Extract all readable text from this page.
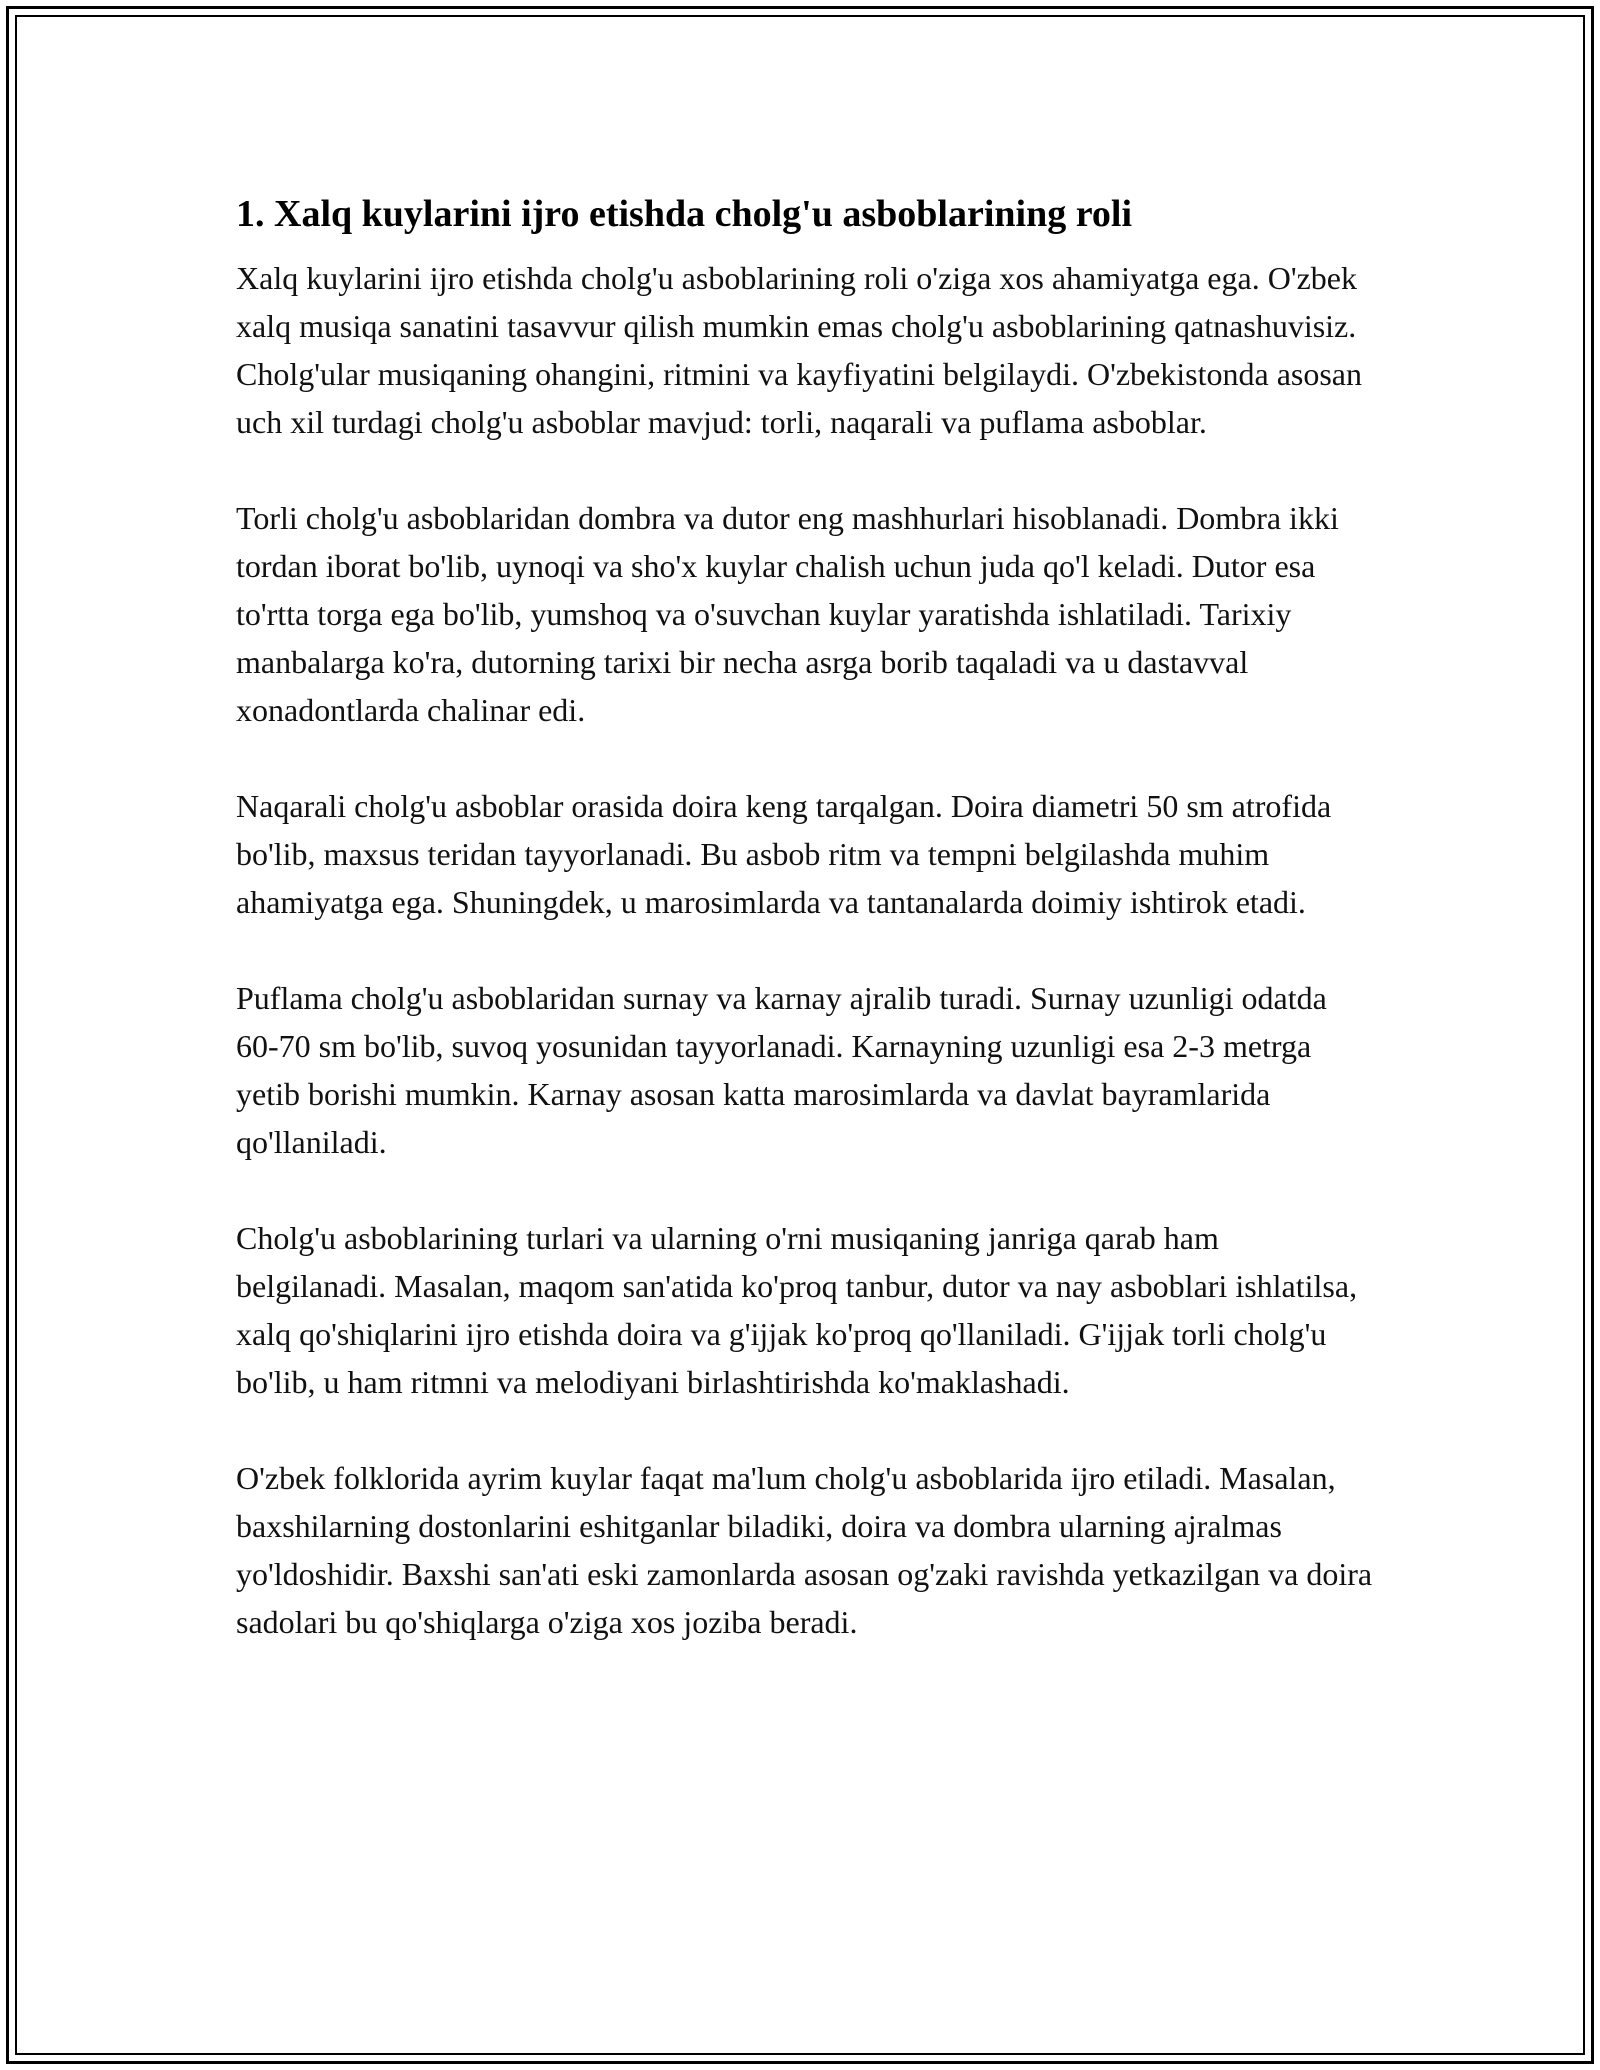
1. Xalq kuylarini ijro etishda cholg'u asboblarining roli

Xalq kuylarini ijro etishda cholg'u asboblarining roli o'ziga xos ahamiyatga ega. O'zbek xalq musiqa sanatini tasavvur qilish mumkin emas cholg'u asboblarining qatnashuvisiz. Cholg'ular musiqaning ohangini, ritmini va kayfiyatini belgilaydi. O'zbekistonda asosan uch xil turdagi cholg'u asboblar mavjud: torli, naqarali va puflama asboblar.

Torli cholg'u asboblaridan dombra va dutor eng mashhurlari hisoblanadi. Dombra ikki tordan iborat bo'lib, uynoqi va sho'x kuylar chalish uchun juda qo'l keladi. Dutor esa to'rtta torga ega bo'lib, yumshoq va o'suvchan kuylar yaratishda ishlatiladi. Tarixiy manbalarga ko'ra, dutorning tarixi bir necha asrga borib taqaladi va u dastavval xonadontlarda chalinar edi.

Naqarali cholg'u asboblar orasida doira keng tarqalgan. Doira diametri 50 sm atrofida bo'lib, maxsus teridan tayyorlanadi. Bu asbob ritm va tempni belgilashda muhim ahamiyatga ega. Shuningdek, u marosimlarda va tantanalarda doimiy ishtirok etadi.

Puflama cholg'u asboblaridan surnay va karnay ajralib turadi. Surnay uzunligi odatda 60-70 sm bo'lib, suvoq yosunidan tayyorlanadi. Karnayning uzunligi esa 2-3 metrga yetib borishi mumkin. Karnay asosan katta marosimlarda va davlat bayramlarida qo'llaniladi.

Cholg'u asboblarining turlari va ularning o'rni musiqaning janriga qarab ham belgilanadi. Masalan, maqom san'atida ko'proq tanbur, dutor va nay asboblari ishlatilsa, xalq qo'shiqlarini ijro etishda doira va g'ijjak ko'proq qo'llaniladi. G'ijjak torli cholg'u bo'lib, u ham ritmni va melodiyani birlashtirishda ko'maklashadi.

O'zbek folklorida ayrim kuylar faqat ma'lum cholg'u asboblarida ijro etiladi. Masalan, baxshilarning dostonlarini eshitganlar biladiki, doira va dombra ularning ajralmas yo'ldoshidir. Baxshi san'ati eski zamonlarda asosan og'zaki ravishda yetkazilgan va doira sadolari bu qo'shiqlarga o'ziga xos joziba beradi.
